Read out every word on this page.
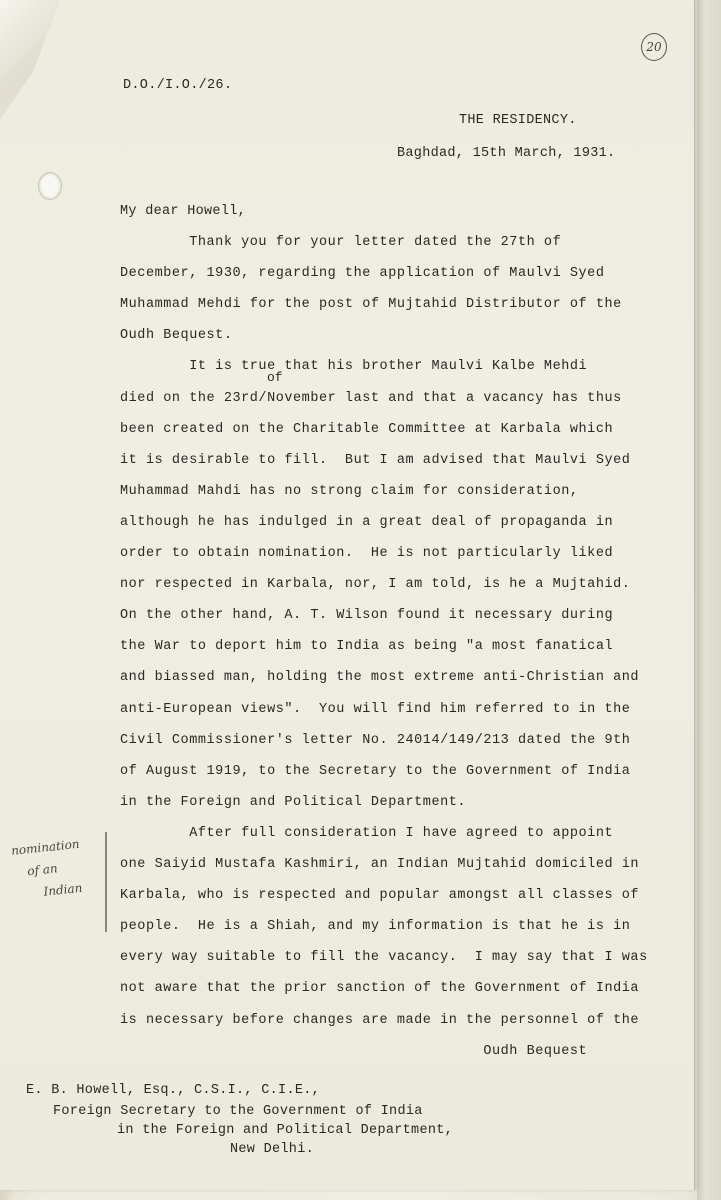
20
D.O./I.O./26.
THE RESIDENCY.
Baghdad, 15th March, 1931.
My dear Howell,
Thank you for your letter dated the 27th of
December, 1930, regarding the application of Maulvi Syed
Muhammad Mehdi for the post of Mujtahid Distributor of the
Oudh Bequest.
It is true that his brother Maulvi Kalbe Mehdi
died on the 23rd/November last and that a vacancy has thus
been created on the Charitable Committee at Karbala which
it is desirable to fill.  But I am advised that Maulvi Syed
Muhammad Mahdi has no strong claim for consideration,
although he has indulged in a great deal of propaganda in
order to obtain nomination.  He is not particularly liked
nor respected in Karbala, nor, I am told, is he a Mujtahid.
On the other hand, A. T. Wilson found it necessary during
the War to deport him to India as being "a most fanatical
and biassed man, holding the most extreme anti-Christian and
anti-European views".  You will find him referred to in the
Civil Commissioner's letter No. 24014/149/213 dated the 9th
of August 1919, to the Secretary to the Government of India
in the Foreign and Political Department.
After full consideration I have agreed to appoint
one Saiyid Mustafa Kashmiri, an Indian Mujtahid domiciled in
Karbala, who is respected and popular amongst all classes of
people.  He is a Shiah, and my information is that he is in
every way suitable to fill the vacancy.  I may say that I was
not aware that the prior sanction of the Government of India
is necessary before changes are made in the personnel of the
Oudh Bequest
of
nomination
of an
Indian
E. B. Howell, Esq., C.S.I., C.I.E.,
Foreign Secretary to the Government of India
in the Foreign and Political Department,
New Delhi.
